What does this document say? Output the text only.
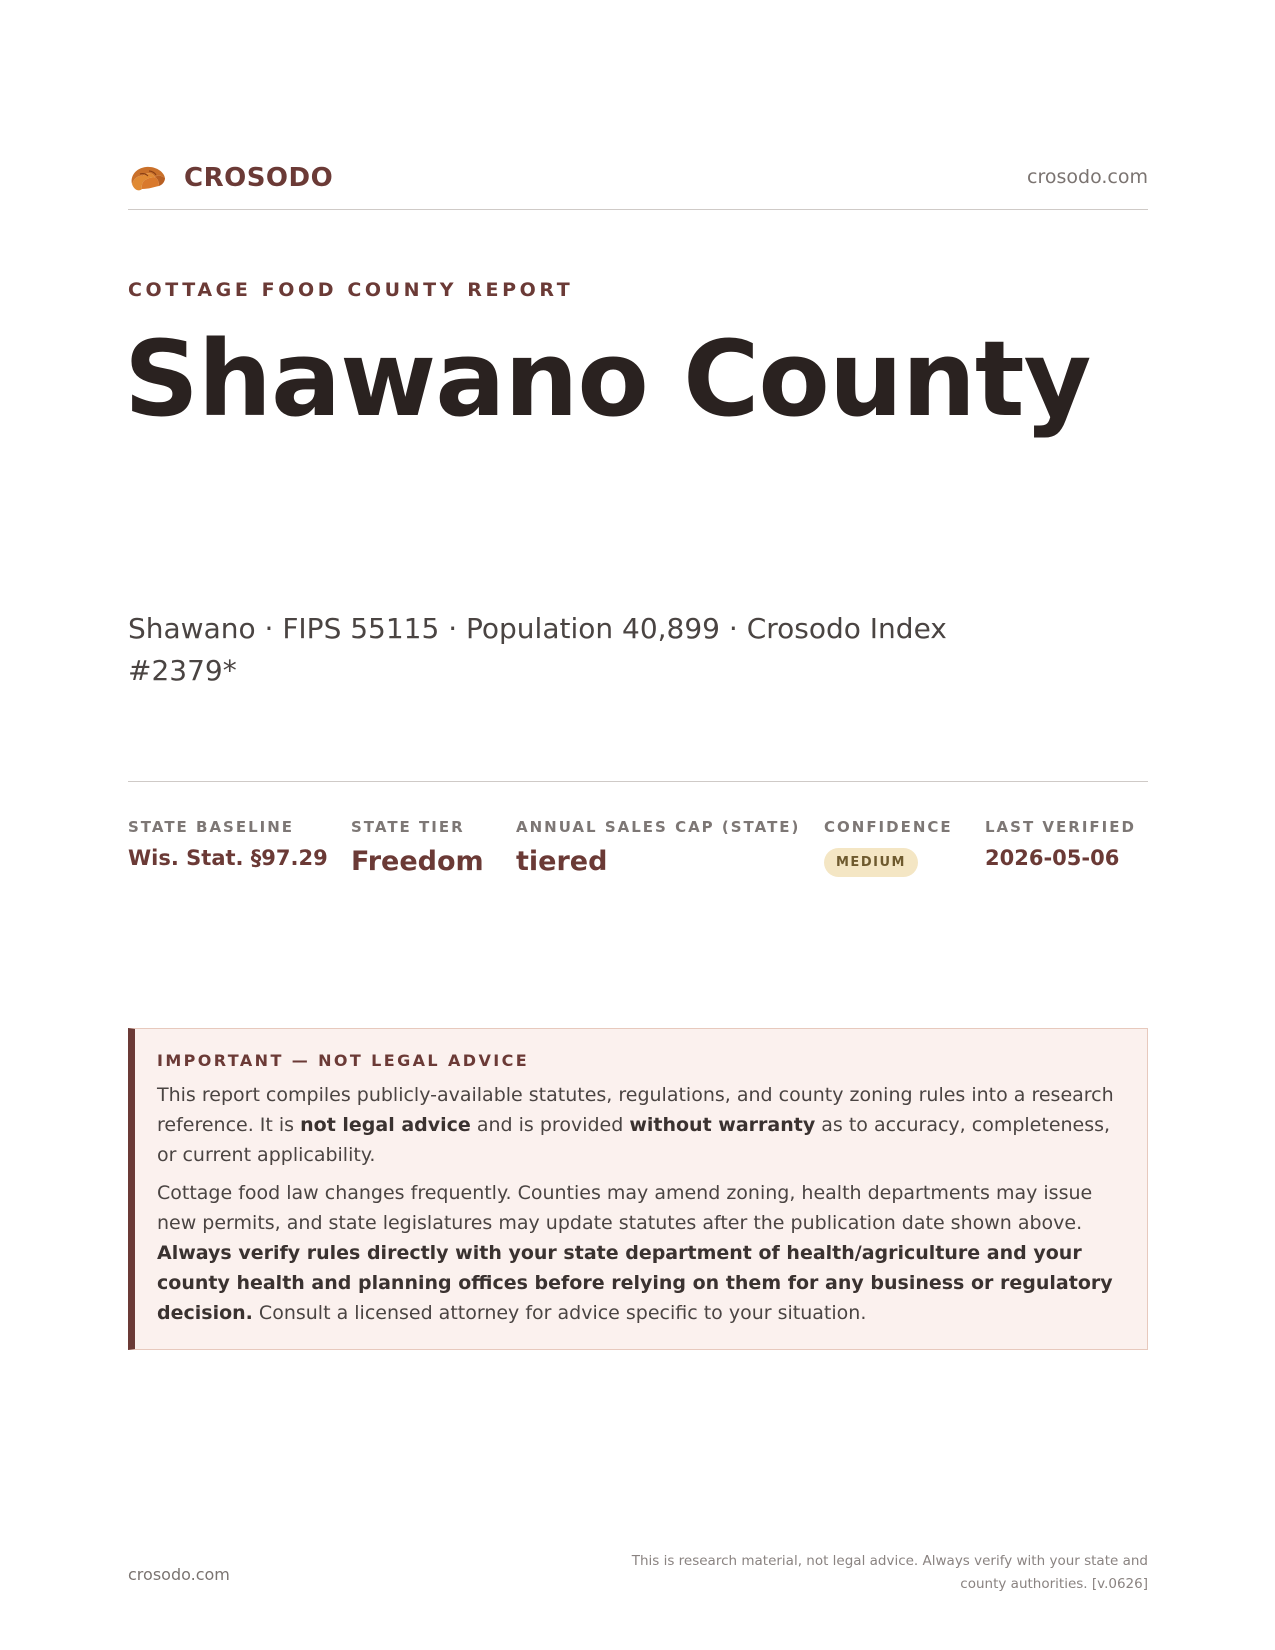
CROSODO	crosodo.com
COTTAGE FOOD COUNTY REPORT
Shawano County
Shawano · FIPS 55115 · Population 40,899 · Crosodo Index #2379*
STATE BASELINE
Wis. Stat. §97.29
STATE TIER
Freedom
ANNUAL SALES CAP (STATE)
tiered
CONFIDENCE
MEDIUM
LAST VERIFIED
2026-05-06
IMPORTANT — NOT LEGAL ADVICE

This report compiles publicly-available statutes, regulations, and county zoning rules into a research reference. It is not legal advice and is provided without warranty as to accuracy, completeness, or current applicability.

Cottage food law changes frequently. Counties may amend zoning, health departments may issue new permits, and state legislatures may update statutes after the publication date shown above. Always verify rules directly with your state department of health/agriculture and your county health and planning offices before relying on them for any business or regulatory decision. Consult a licensed attorney for advice specific to your situation.

crosodo.com
This is research material, not legal advice. Always verify with your state and county authorities. [v.0626]
